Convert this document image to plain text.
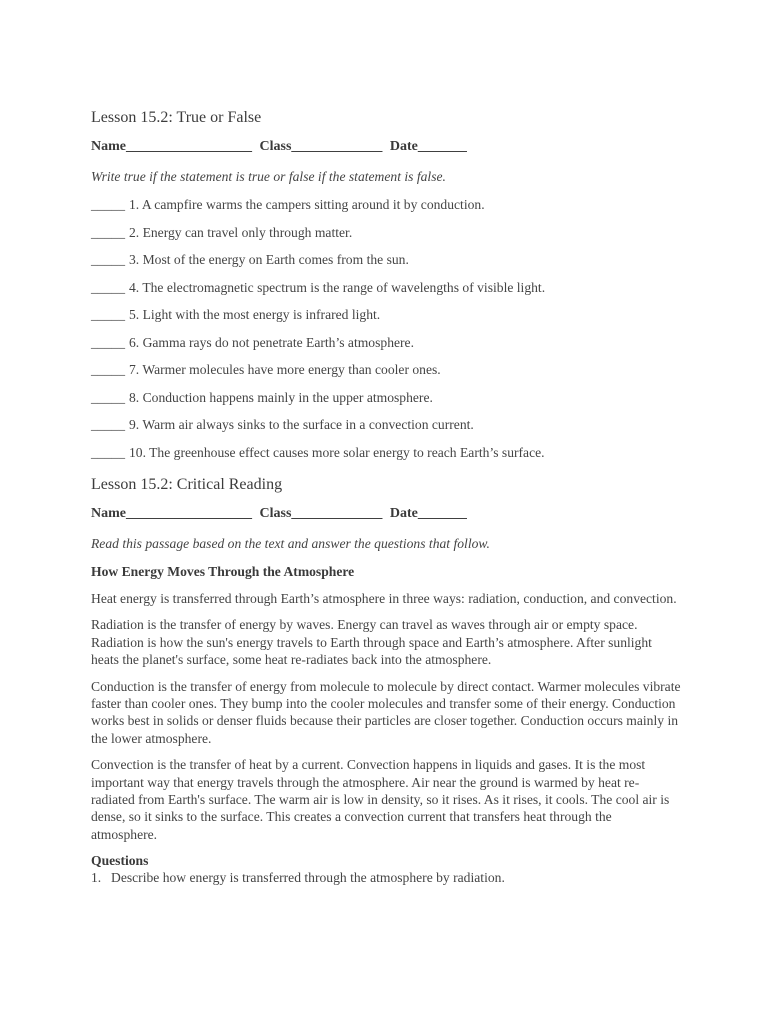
Lesson 15.2: True or False
Name__________________ Class_____________ Date_______
Write true if the statement is true or false if the statement is false.
_____ 1. A campfire warms the campers sitting around it by conduction.
_____ 2. Energy can travel only through matter.
_____ 3. Most of the energy on Earth comes from the sun.
_____ 4. The electromagnetic spectrum is the range of wavelengths of visible light.
_____ 5. Light with the most energy is infrared light.
_____ 6. Gamma rays do not penetrate Earth’s atmosphere.
_____ 7. Warmer molecules have more energy than cooler ones.
_____ 8. Conduction happens mainly in the upper atmosphere.
_____ 9. Warm air always sinks to the surface in a convection current.
_____ 10. The greenhouse effect causes more solar energy to reach Earth’s surface.
Lesson 15.2: Critical Reading
Name__________________ Class_____________ Date_______
Read this passage based on the text and answer the questions that follow.
How Energy Moves Through the Atmosphere
Heat energy is transferred through Earth’s atmosphere in three ways: radiation, conduction, and convection.
Radiation is the transfer of energy by waves. Energy can travel as waves through air or empty space. Radiation is how the sun's energy travels to Earth through space and Earth’s atmosphere. After sunlight heats the planet's surface, some heat re-radiates back into the atmosphere.
Conduction is the transfer of energy from molecule to molecule by direct contact. Warmer molecules vibrate faster than cooler ones. They bump into the cooler molecules and transfer some of their energy. Conduction works best in solids or denser fluids because their particles are closer together. Conduction occurs mainly in the lower atmosphere.
Convection is the transfer of heat by a current. Convection happens in liquids and gases. It is the most important way that energy travels through the atmosphere. Air near the ground is warmed by heat re-radiated from Earth's surface. The warm air is low in density, so it rises. As it rises, it cools. The cool air is dense, so it sinks to the surface. This creates a convection current that transfers heat through the atmosphere.
Questions
1. Describe how energy is transferred through the atmosphere by radiation.
